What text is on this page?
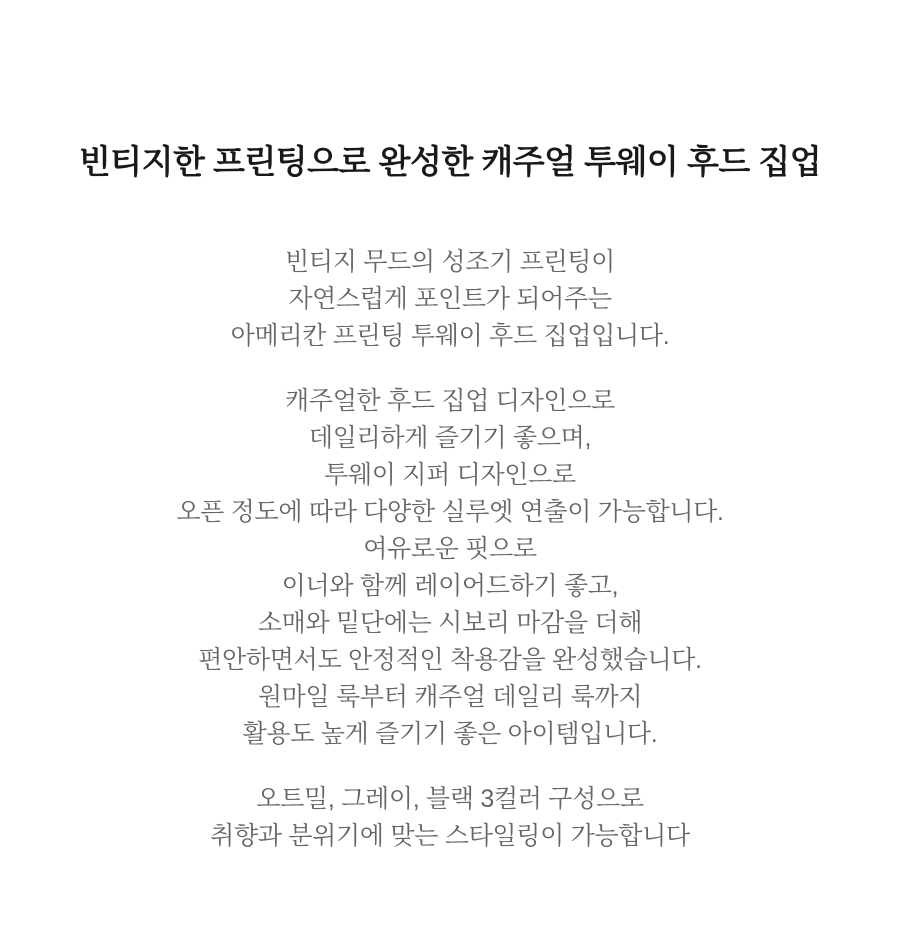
빈티지한 프린팅으로 완성한 캐주얼 투웨이 후드 집업

빈티지 무드의 성조기 프린팅이
자연스럽게 포인트가 되어주는
아메리칸 프린팅 투웨이 후드 집업입니다.

캐주얼한 후드 집업 디자인으로
데일리하게 즐기기 좋으며,
투웨이 지퍼 디자인으로
오픈 정도에 따라 다양한 실루엣 연출이 가능합니다.
여유로운 핏으로
이너와 함께 레이어드하기 좋고,
소매와 밑단에는 시보리 마감을 더해
편안하면서도 안정적인 착용감을 완성했습니다.
원마일 룩부터 캐주얼 데일리 룩까지
활용도 높게 즐기기 좋은 아이템입니다.

오트밀, 그레이, 블랙 3컬러 구성으로
취향과 분위기에 맞는 스타일링이 가능합니다
